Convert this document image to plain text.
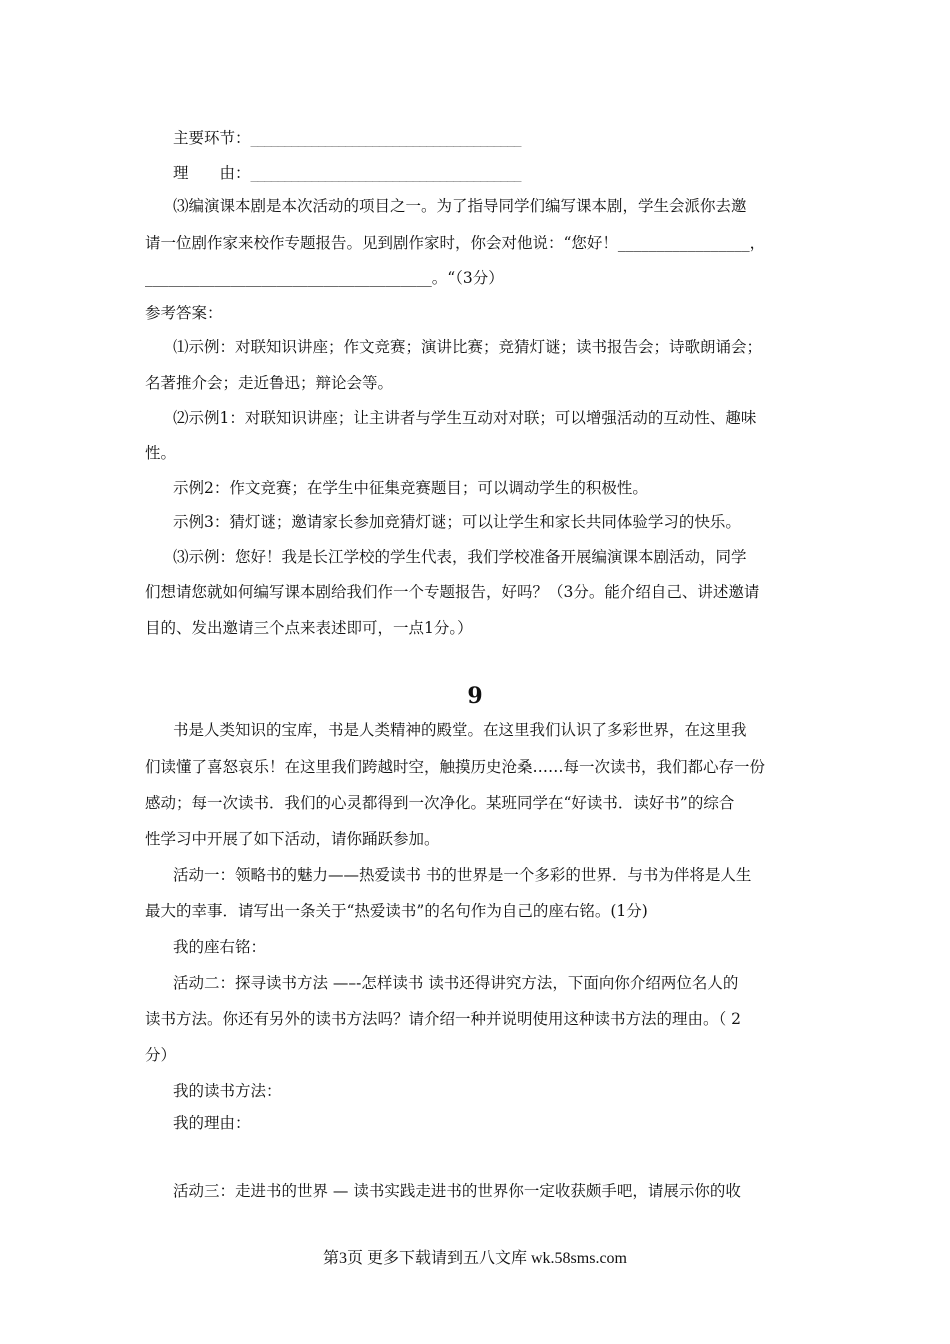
主要环节：________________________________________
理　　由：________________________________________
⑶编演课本剧是本次活动的项目之一。为了指导同学们编写课本剧，学生会派你去邀
请一位剧作家来校作专题报告。见到剧作家时，你会对他说：“您好！_________________，
_____________________________________。“（3分）
参考答案：
⑴示例：对联知识讲座；作文竞赛；演讲比赛；竞猜灯谜；读书报告会；诗歌朗诵会；
名著推介会；走近鲁迅；辩论会等。
⑵示例1：对联知识讲座；让主讲者与学生互动对对联；可以增强活动的互动性、趣味
性。
示例2：作文竞赛；在学生中征集竞赛题目；可以调动学生的积极性。
示例3：猜灯谜；邀请家长参加竞猜灯谜；可以让学生和家长共同体验学习的快乐。
⑶示例：您好！我是长江学校的学生代表，我们学校准备开展编演课本剧活动，同学
们想请您就如何编写课本剧给我们作一个专题报告，好吗？（3分。能介绍自己、讲述邀请
目的、发出邀请三个点来表述即可，一点1分。）
9
书是人类知识的宝库，书是人类精神的殿堂。在这里我们认识了多彩世界，在这里我
们读懂了喜怒哀乐！在这里我们跨越时空，触摸历史沧桑……每一次读书，我们都心存一份
感动；每一次读书．我们的心灵都得到一次净化。某班同学在“好读书．读好书”的综合
性学习中开展了如下活动，请你踊跃参加。
活动一：领略书的魅力——热爱读书 书的世界是一个多彩的世界．与书为伴将是人生
最大的幸事．请写出一条关于“热爱读书”的名句作为自己的座右铭。(1分)
我的座右铭：
活动二：探寻读书方法 —–-怎样读书 读书还得讲究方法，下面向你介绍两位名人的
读书方法。你还有另外的读书方法吗？请介绍一种并说明使用这种读书方法的理由。（ 2
分）
我的读书方法：
我的理由：
活动三：走进书的世界 — 读书实践走进书的世界你一定收获颇手吧，请展示你的收
第3页 更多下载请到五八文库 wk.58sms.com
